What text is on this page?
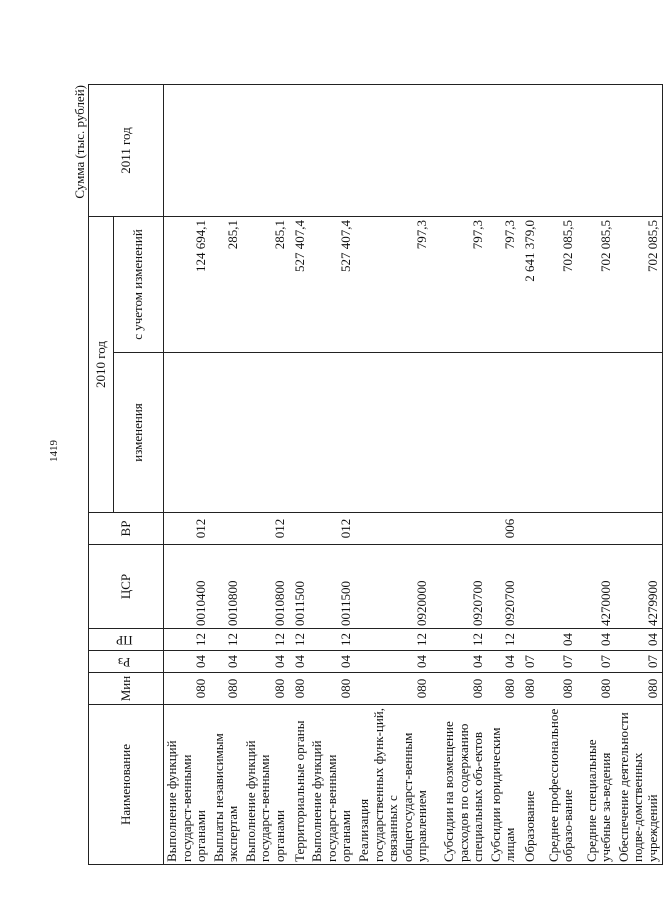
1419
Сумма (тыс. рублей)
Наименование	Мин	Рз	ПР	ЦСР	ВР	2010 год		2011 год
						изменения	с учетом изменений	
Выполнение функций государст-венными органами	080	04	12	0010400	012		124 694,1	
Выплаты независимым экспертам	080	04	12	0010800			285,1	
Выполнение функций государст-венными органами	080	04	12	0010800	012		285,1	
Территориальные органы	080	04	12	0011500			527 407,4	
Выполнение функций государст-венными органами	080	04	12	0011500	012		527 407,4	
Реализация государственных функ-ций, связанных с общегосударст-венным управлением	080	04	12	0920000			797,3	
Субсидии на возмещение расходов по содержанию специальных объ-ектов	080	04	12	0920700			797,3	
Субсидии юридическим лицам	080	04	12	0920700	006		797,3	
Образование	080	07					2 641 379,0	
Среднее профессиональное образо-вание	080	07	04				702 085,5	
Средние специальные учебные за-ведения	080	07	04	4270000			702 085,5	
Обеспечение деятельности подве-домственных учреждений	080	07	04	4279900			702 085,5	
